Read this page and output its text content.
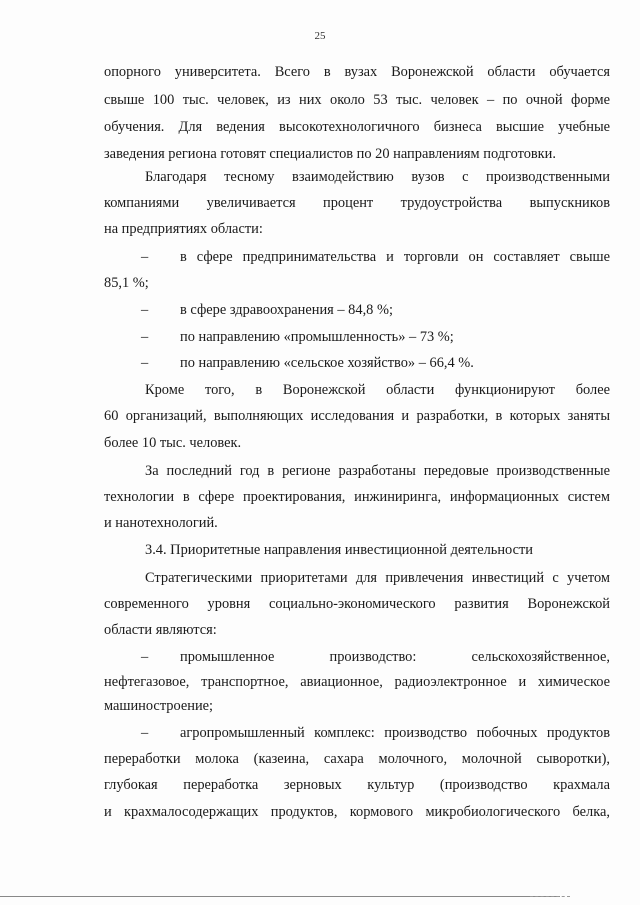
25
опорного университета. Всего в вузах Воронежской области обучается
свыше 100 тыс. человек, из них около 53 тыс. человек – по очной форме
обучения. Для ведения высокотехнологичного бизнеса высшие учебные
заведения региона готовят специалистов по 20 направлениям подготовки.
Благодаря тесному взаимодействию вузов с производственными
компаниями увеличивается процент трудоустройства выпускников
на предприятиях области:
– в сфере предпринимательства и торговли он составляет свыше
85,1 %;
– в сфере здравоохранения – 84,8 %;
– по направлению «промышленность» – 73 %;
– по направлению «сельское хозяйство» – 66,4 %.
Кроме того, в Воронежской области функционируют более
60 организаций, выполняющих исследования и разработки, в которых заняты
более 10 тыс. человек.
За последний год в регионе разработаны передовые производственные
технологии в сфере проектирования, инжиниринга, информационных систем
и нанотехнологий.
3.4. Приоритетные направления инвестиционной деятельности
Стратегическими приоритетами для привлечения инвестиций с учетом
современного уровня социально-экономического развития Воронежской
области являются:
– промышленное производство: сельскохозяйственное,
нефтегазовое, транспортное, авиационное, радиоэлектронное и химическое
машиностроение;
– агропромышленный комплекс: производство побочных продуктов
переработки молока (казеина, сахара молочного, молочной сыворотки),
глубокая переработка зерновых культур (производство крахмала
и крахмалосодержащих продуктов, кормового микробиологического белка,
